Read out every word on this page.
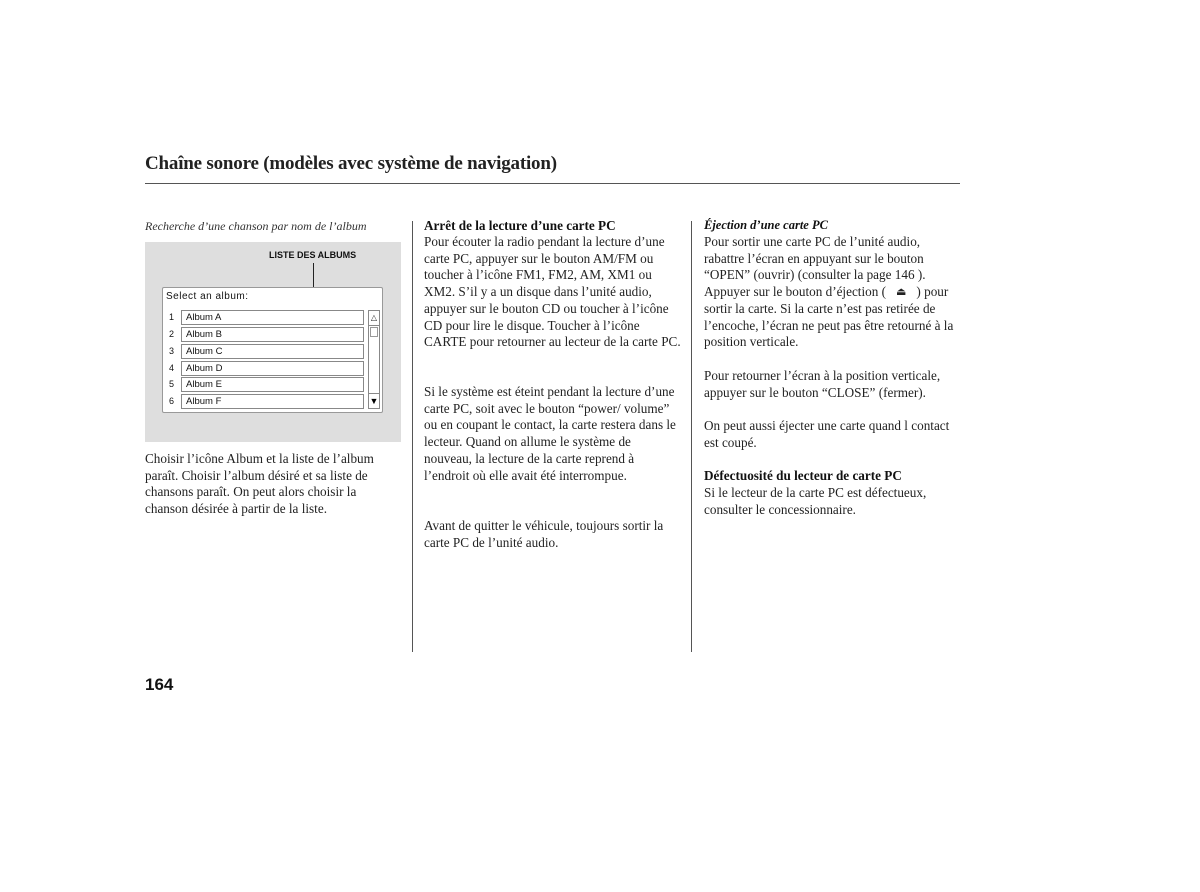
Chaîne sonore (modèles avec système de navigation)
Recherche d’une chanson par nom de l’album
LISTE DES ALBUMS
Select an album:
1	Album A
2	Album B
3	Album C
4	Album D
5	Album E
6	Album F
△
▼

Choisir l’icône Album et la liste de l’album paraît. Choisir l’album désiré et sa liste de chansons paraît. On peut alors choisir la chanson désirée à partir de la liste.

Arrêt de la lecture d’une carte PC

Pour écouter la radio pendant la lecture d’une carte PC, appuyer sur le bouton AM/FM ou toucher à l’icône FM1, FM2, AM, XM1 ou XM2. S’il y a un disque dans l’unité audio, appuyer sur le bouton CD ou toucher à l’icône CD pour lire le disque. Toucher à l’icône CARTE pour retourner au lecteur de la carte PC.

Si le système est éteint pendant la lecture d’une carte PC, soit avec le bouton “power/ volume” ou en coupant le contact, la carte restera dans le lecteur. Quand on allume le système de nouveau, la lecture de la carte reprend à l’endroit où elle avait été interrompue.

Avant de quitter le véhicule, toujours sortir la carte PC de l’unité audio.

Éjection d’une carte PC

Pour sortir une carte PC de l’unité audio, rabattre l’écran en appuyant sur le bouton “OPEN” (ouvrir) (consulter la page 146 ). Appuyer sur le bouton d’éjection ( ⏏ ) pour sortir la carte. Si la carte n’est pas retirée de l’encoche, l’écran ne peut pas être retourné à la position verticale.

Pour retourner l’écran à la position verticale, appuyer sur le bouton “CLOSE” (fermer).

On peut aussi éjecter une carte quand l contact est coupé.

Défectuosité du lecteur de carte PC

Si le lecteur de la carte PC est défectueux, consulter le concessionnaire.

164
